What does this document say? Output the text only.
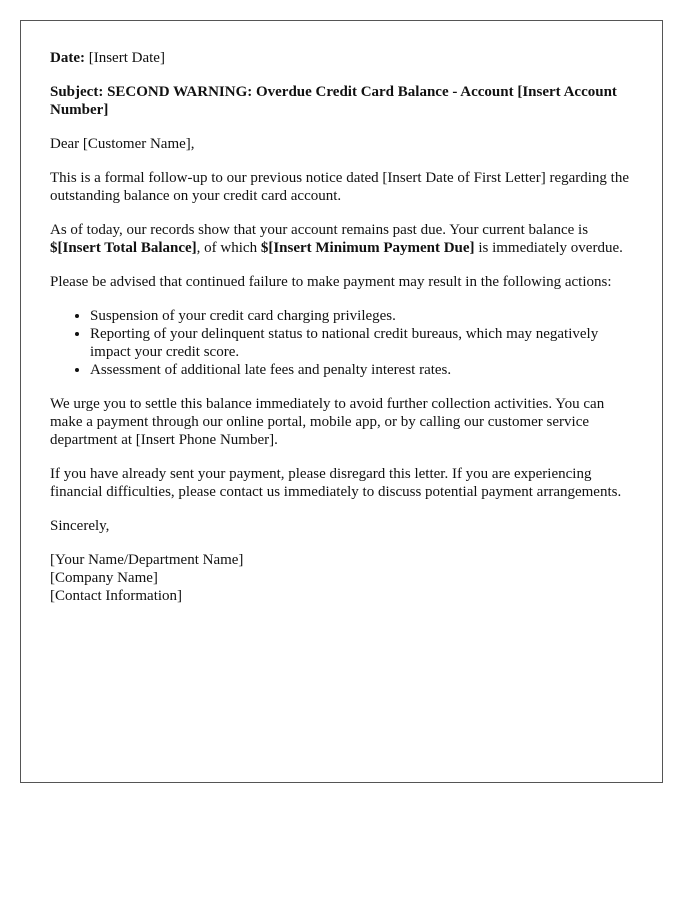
Date: [Insert Date]

Subject: SECOND WARNING: Overdue Credit Card Balance - Account [Insert Account Number]

Dear [Customer Name],

This is a formal follow-up to our previous notice dated [Insert Date of First Letter] regarding the outstanding balance on your credit card account.

As of today, our records show that your account remains past due. Your current balance is $[Insert Total Balance], of which $[Insert Minimum Payment Due] is immediately overdue.

Please be advised that continued failure to make payment may result in the following actions:

• Suspension of your credit card charging privileges.
• Reporting of your delinquent status to national credit bureaus, which may negatively impact your credit score.
• Assessment of additional late fees and penalty interest rates.

We urge you to settle this balance immediately to avoid further collection activities. You can make a payment through our online portal, mobile app, or by calling our customer service department at [Insert Phone Number].

If you have already sent your payment, please disregard this letter. If you are experiencing financial difficulties, please contact us immediately to discuss potential payment arrangements.

Sincerely,

[Your Name/Department Name]
[Company Name]
[Contact Information]
